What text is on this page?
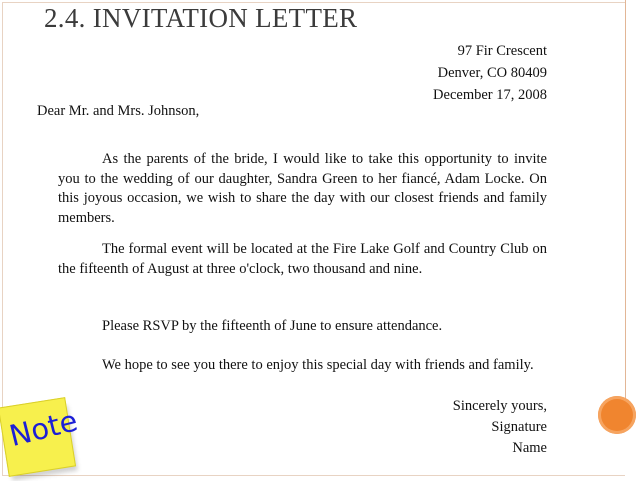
2.4. INVITATION LETTER
97 Fir Crescent
Denver, CO 80409
December 17, 2008
Dear Mr. and Mrs. Johnson,
As the parents of the bride, I would like to take this opportunity to invite you to the wedding of our daughter, Sandra Green to her fiancé, Adam Locke. On this joyous occasion, we wish to share the day with our closest friends and family members.
The formal event will be located at the Fire Lake Golf and Country Club on the fifteenth of August at three o'clock, two thousand and nine.
Please RSVP by the fifteenth of June to ensure attendance.
We hope to see you there to enjoy this special day with friends and family.
Sincerely yours,
Signature
Name
Note
